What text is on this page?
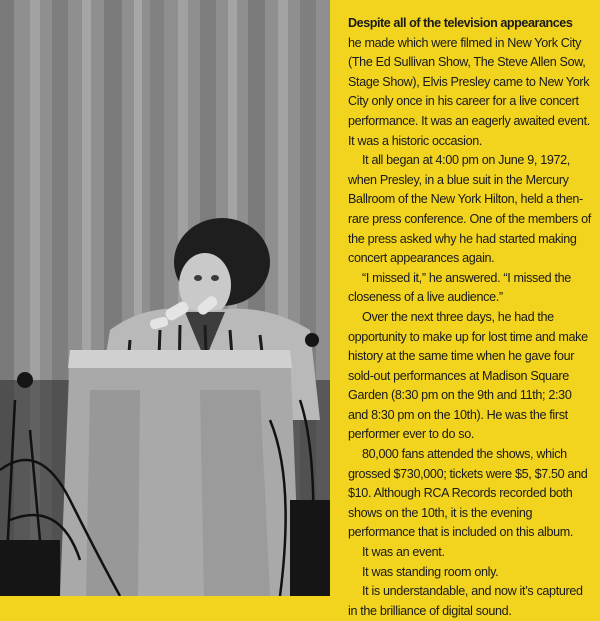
Despite all of the television appearances

he made which were filmed in New York City (The Ed Sullivan Show, The Steve Allen Sow, Stage Show), Elvis Presley came to New York City only once in his career for a live concert performance. It was an eagerly awaited event. It was a historic occasion.

It all began at 4:00 pm on June 9, 1972, when Presley, in a blue suit in the Mercury Ballroom of the New York Hilton, held a then-rare press conference. One of the members of the press asked why he had started making concert appearances again.

“I missed it,” he answered. “I missed the closeness of a live audience.”

Over the next three days, he had the opportunity to make up for lost time and make history at the same time when he gave four sold-out performances at Madison Square Garden (8:30 pm on the 9th and 11th; 2:30 and 8:30 pm on the 10th). He was the first performer ever to do so.

80,000 fans attended the shows, which grossed $730,000; tickets were $5, $7.50 and $10. Although RCA Records recorded both shows on the 10th, it is the evening performance that is included on this album.

It was an event.

It was standing room only.

It is understandable, and now it’s captured in the brilliance of digital sound.
